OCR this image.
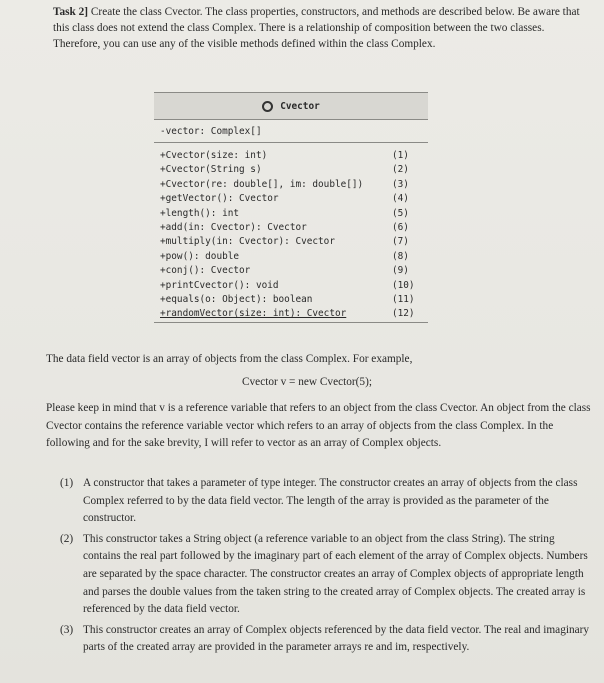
Task 2] Create the class Cvector. The class properties, constructors, and methods are described below. Be aware that this class does not extend the class Complex. There is a relationship of composition between the two classes. Therefore, you can use any of the visible methods defined within the class Complex.
Cvector
-vector: Complex[]
+Cvector(size: int)	(1)
+Cvector(String s)	(2)
+Cvector(re: double[], im: double[])	(3)
+getVector(): Cvector	(4)
+length(): int	(5)
+add(in: Cvector): Cvector	(6)
+multiply(in: Cvector): Cvector	(7)
+pow(): double	(8)
+conj(): Cvector	(9)
+printCvector(): void	(10)
+equals(o: Object): boolean	(11)
+randomVector(size: int): Cvector	(12)
The data field vector is an array of objects from the class Complex. For example,
Cvector v = new Cvector(5);
Please keep in mind that v is a reference variable that refers to an object from the class Cvector. An object from the class Cvector contains the reference variable vector which refers to an array of objects from the class Complex. In the following and for the sake brevity, I will refer to vector as an array of Complex objects.
(1) A constructor that takes a parameter of type integer. The constructor creates an array of objects from the class Complex referred to by the data field vector. The length of the array is provided as the parameter of the constructor.
(2) This constructor takes a String object (a reference variable to an object from the class String). The string contains the real part followed by the imaginary part of each element of the array of Complex objects. Numbers are separated by the space character. The constructor creates an array of Complex objects of appropriate length and parses the double values from the taken string to the created array of Complex objects. The created array is referenced by the data field vector.
(3) This constructor creates an array of Complex objects referenced by the data field vector. The real and imaginary parts of the created array are provided in the parameter arrays re and im, respectively.
